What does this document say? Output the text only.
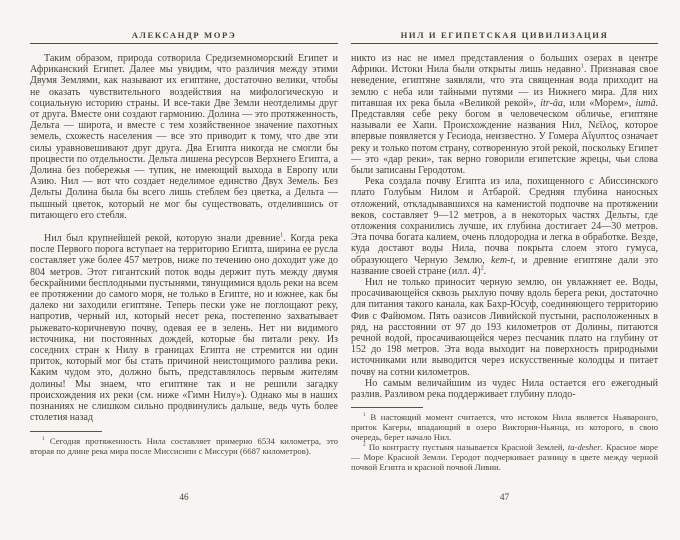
АЛЕКСАНДР МОРЭ

Таким образом, природа сотворила Средиземноморский Египет и Африканский Египет. Далее мы увидим, что различия между этими Двумя Землями, как называют их египтяне, достаточно велики, чтобы не оказать чувствительного воздействия на мифологическую и социальную историю страны. И все-таки Две Земли неотделимы друг от друга. Вместе они создают гармонию. Долина — это протяженность, Дельта — широта, и вместе с тем хозяйственное значение пахотных земель, схожесть населения — все это приводит к тому, что две эти силы уравновешивают друг друга. Два Египта никогда не смогли бы процвести по отдельности. Дельта лишена ресурсов Верхнего Египта, а Долина без побережья — тупик, не имеющий выхода в Европу или Азию. Нил — вот что создает неделимое единство Двух Земель. Без Дельты Долина была бы всего лишь стеблем без цветка, а Дельта — пышный цветок, который не мог бы существовать, отделившись от питающего его стебля.

Нил был крупнейшей рекой, которую знали древние$^1$. Когда река после Первого порога вступает на территорию Египта, ширина ее русла составляет уже более 457 метров, ниже по течению оно доходит уже до 804 метров. Этот гигантский поток воды держит путь между двумя бескрайними бесплодными пустынями, тянущимися вдоль реки на всем ее протяжении до самого моря, не только в Египте, но и южнее, как бы далеко ни заходили египтяне. Теперь пески уже не поглощают реку, напротив, черный ил, который несет река, постепенно захватывает рыжевато-коричневую почву, одевая ее в зелень. Нет ни видимого источника, ни постоянных дождей, которые бы питали реку. Из соседних стран к Нилу в границах Египта не стремится ни один приток, который мог бы стать причиной неистощимого разлива реки. Каким чудом это, должно быть, представлялось первым жителям долины! Мы знаем, что египтяне так и не решили загадку происхождения их реки (см. ниже «Гимн Нилу»). Однако мы в наших познаниях не слишком сильно продвинулись дальше, ведь чуть более столетия назад

$^1$ Сегодня протяженность Нила составляет примерно 6534 километра, это вторая по длине река мира после Миссисипи с Миссури (6687 километров).

46
НИЛ И ЕГИПЕТСКАЯ ЦИВИЛИЗАЦИЯ

никто из нас не имел представления о больших озерах в центре Африки. Истоки Нила были открыты лишь недавно$^1$. Признавая свое неведение, египтяне заявляли, что эта священная вода приходит на землю с неба или тайными путями — из Нижнего мира. Для них питавшая их река была «Великой рекой», itr-âa, или «Морем», iumâ. Представляя себе реку богом в человеческом обличье, египтяне называли ее Хапи. Происхождение названия Нил, Νεῖλος, которое впервые появляется у Гесиода, неизвестно. У Гомера Αἴγυπτος означает реку и только потом страну, сотворенную этой рекой, поскольку Египет — это «дар реки», так верно говорили египетские жрецы, чьи слова были записаны Геродотом.

Река создала почву Египта из ила, похищенного с Абиссинского плато Голубым Нилом и Атбарой. Средняя глубина наносных отложений, откладывавшихся на каменистой подпочве на протяжении веков, составляет 9—12 метров, а в некоторых частях Дельты, где отложения сохранились лучше, их глубина достигает 24—30 метров. Эта почва богата калием, очень плодородна и легка в обработке. Везде, куда достают воды Нила, почва покрыта слоем этого гумуса, образующего Черную Землю, kem-t, и древние египтяне дали это название своей стране (илл. 4)$^2$.

Нил не только приносит черную землю, он увлажняет ее. Воды, просачивающейся сквозь рыхлую почву вдоль берега реки, достаточно для питания такого канала, как Бахр-Юсуф, соединяющего территорию Фив с Файюмом. Пять оазисов Ливийской пустыни, расположенных в ряд, на расстоянии от 97 до 193 километров от Долины, питаются речной водой, просачивающейся через песчаник плато на глубину от 152 до 198 метров. Эта вода выходит на поверхность природными источниками или выводится через искусственные колодцы и питает почву на сотни километров.

Но самым величайшим из чудес Нила остается его ежегодный разлив. Разливом река поддерживает глубину плодо-

$^1$ В настоящий момент считается, что истоком Нила является Ньяваронго, приток Кагеры, впадающий в озеро Виктория-Ньянца, из которого, в свою очередь, берет начало Нил.

$^2$ По контрасту пустыня называется Красной Землей, ta-desher. Красное море — Море Красной Земли. Геродот подчеркивает разницу в цвете между черной почвой Египта и красной почвой Ливии.

47
